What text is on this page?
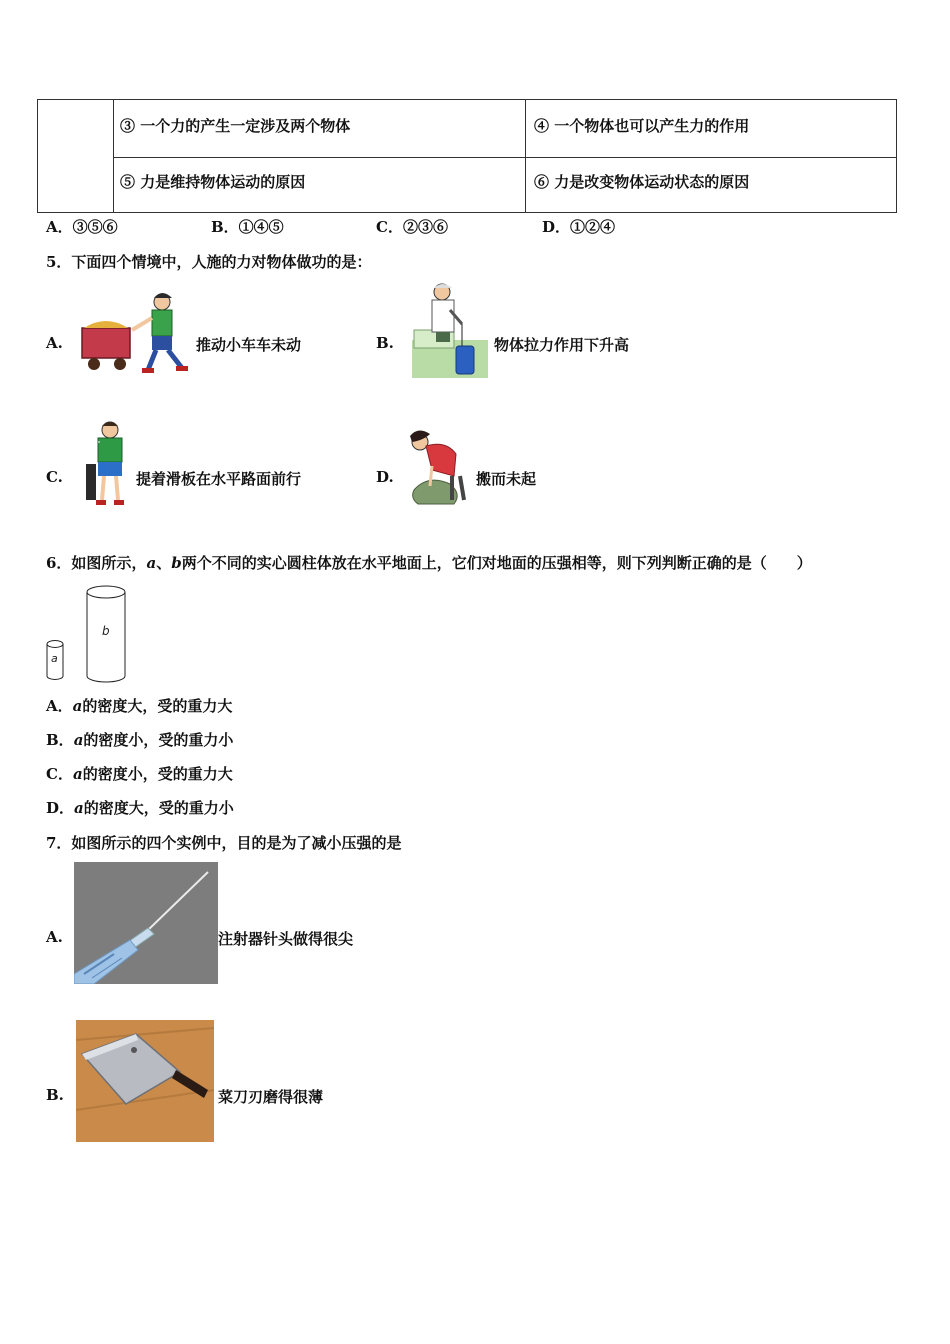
③ 一个力的产生一定涉及两个物体	④ 一个物体也可以产生力的作用
⑤ 力是维持物体运动的原因	⑥ 力是改变物体运动状态的原因
A．③⑤⑥	B．①④⑤	C．②③⑥	D．①②④
5．下面四个情境中，人施的力对物体做功的是：
A.	推动小车车未动	B.	物体拉力作用下升高
C.	提着滑板在水平路面前行	D.	搬而未起
6．如图所示，a、b两个不同的实心圆柱体放在水平地面上，它们对地面的压强相等，则下列判断正确的是（　　）
a
b
A．a的密度大，受的重力大
B．a的密度小，受的重力小
C．a的密度小，受的重力大
D．a的密度大，受的重力小
7．如图所示的四个实例中，目的是为了减小压强的是
A.	注射器针头做得很尖
B.	菜刀刃磨得很薄
